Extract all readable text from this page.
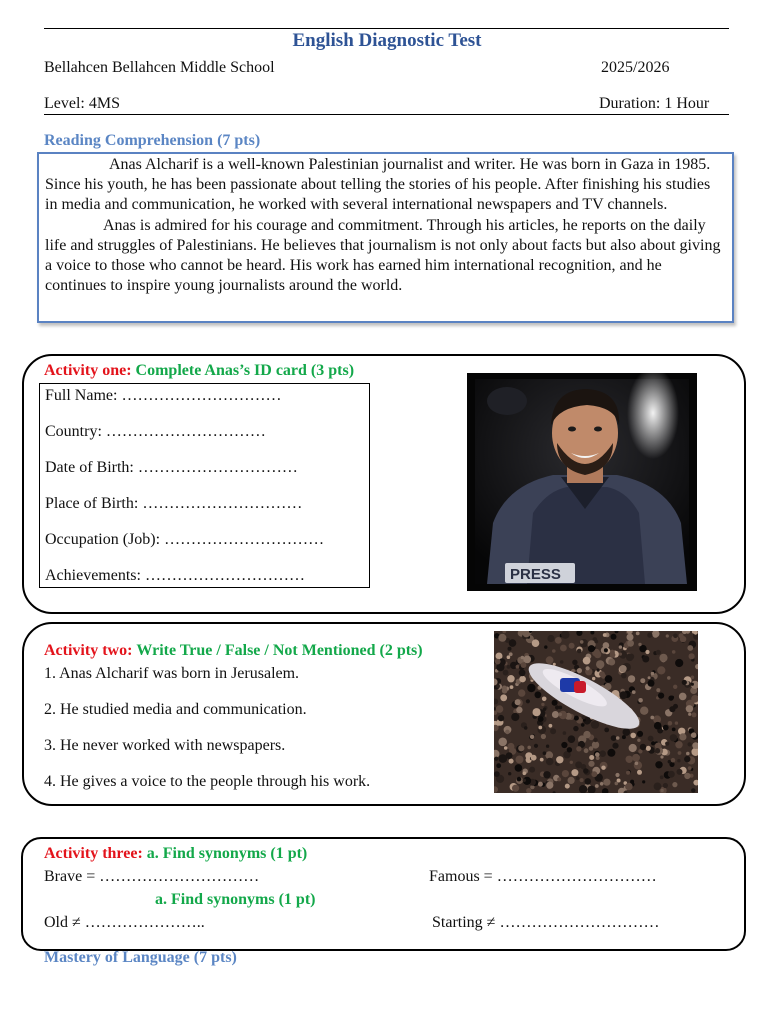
English Diagnostic Test
Bellahcen Bellahcen Middle School	2025/2026
Level: 4MS	Duration: 1 Hour
Reading Comprehension (7 pts)

Anas Alcharif is a well-known Palestinian journalist and writer. He was born in Gaza in 1985. Since his youth, he has been passionate about telling the stories of his people. After finishing his studies in media and communication, he worked with several international newspapers and TV channels.

Anas is admired for his courage and commitment. Through his articles, he reports on the daily life and struggles of Palestinians. He believes that journalism is not only about facts but also about giving a voice to those who cannot be heard. His work has earned him international recognition, and he continues to inspire young journalists around the world.

Activity one: Complete Anas’s ID card (3 pts)
Full Name: …………………………
Country: …………………………
Date of Birth: …………………………
Place of Birth: …………………………
Occupation (Job): …………………………
Achievements: …………………………	PRESS
Activity two: Write True / False / Not Mentioned (2 pts)
1. Anas Alcharif was born in Jerusalem.
2. He studied media and communication.
3. He never worked with newspapers.
4. He gives a voice to the people through his work.
Activity three: a. Find synonyms (1 pt)
Brave = …………………………	Famous = …………………………
a. Find synonyms (1 pt)
Old ≠ …………………..	Starting ≠ …………………………
Mastery of Language (7 pts)
